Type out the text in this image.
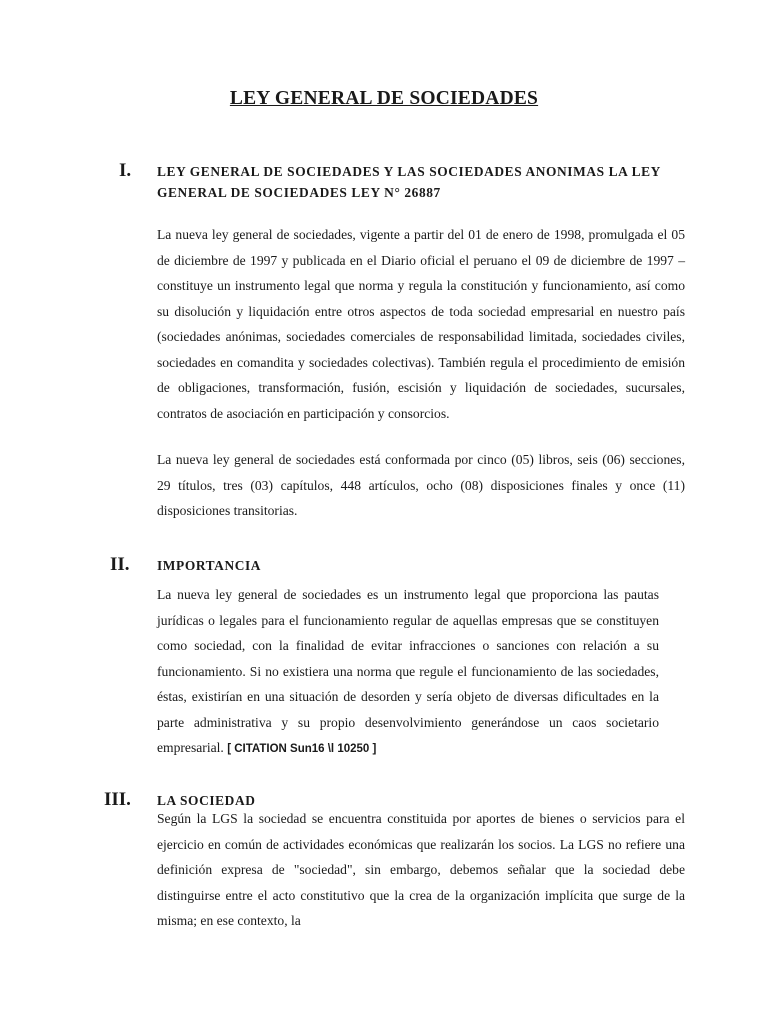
LEY GENERAL DE SOCIEDADES
I. LEY GENERAL DE SOCIEDADES Y LAS SOCIEDADES ANONIMAS LA LEY GENERAL DE SOCIEDADES LEY N° 26887

La nueva ley general de sociedades, vigente a partir del 01 de enero de 1998, promulgada el 05 de diciembre de 1997 y publicada en el Diario oficial el peruano el 09 de diciembre de 1997 – constituye un instrumento legal que norma y regula la constitución y funcionamiento, así como su disolución y liquidación entre otros aspectos de toda sociedad empresarial en nuestro país (sociedades anónimas, sociedades comerciales de responsabilidad limitada, sociedades civiles, sociedades en comandita y sociedades colectivas). También regula el procedimiento de emisión de obligaciones, transformación, fusión, escisión y liquidación de sociedades, sucursales, contratos de asociación en participación y consorcios.

La nueva ley general de sociedades está conformada por cinco (05) libros, seis (06) secciones, 29 títulos, tres (03) capítulos, 448 artículos, ocho (08) disposiciones finales y once (11) disposiciones transitorias.

II. IMPORTANCIA

La nueva ley general de sociedades es un instrumento legal que proporciona las pautas jurídicas o legales para el funcionamiento regular de aquellas empresas que se constituyen como sociedad, con la finalidad de evitar infracciones o sanciones con relación a su funcionamiento. Si no existiera una norma que regule el funcionamiento de las sociedades, éstas, existirían en una situación de desorden y sería objeto de diversas dificultades en la parte administrativa y su propio desenvolvimiento generándose un caos societario empresarial. [ CITATION Sun16 \l 10250 ]

III. LA SOCIEDAD

Según la LGS la sociedad se encuentra constituida por aportes de bienes o servicios para el ejercicio en común de actividades económicas que realizarán los socios. La LGS no refiere una definición expresa de "sociedad", sin embargo, debemos señalar que la sociedad debe distinguirse entre el acto constitutivo que la crea de la organización implícita que surge de la misma; en ese contexto, la
